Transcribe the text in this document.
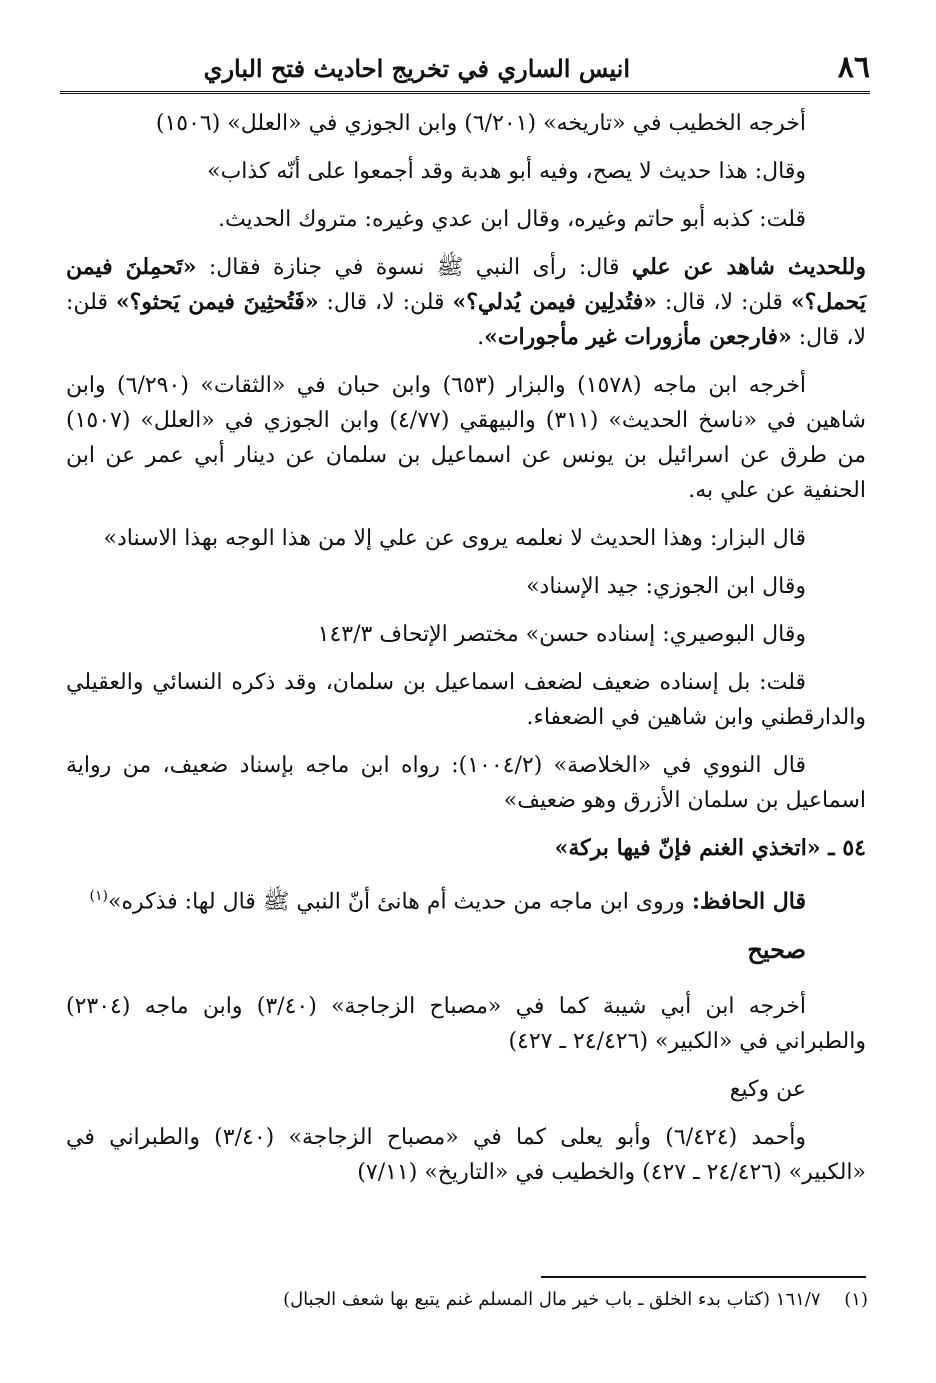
٨٦
انيس الساري في تخريج احاديث فتح الباري

أخرجه الخطيب في «تاريخه» (٦/٢٠١) وابن الجوزي في «العلل» (١٥٠٦)

وقال: هذا حديث لا يصح، وفيه أبو هدبة وقد أجمعوا على أنّه كذاب»

قلت: كذبه أبو حاتم وغيره، وقال ابن عدي وغيره: متروك الحديث.

وللحديث شاهد عن علي قال: رأى النبي ﷺ نسوة في جنازة فقال: «تَحمِلنَ فيمن يَحمل؟» قلن: لا، قال: «فتُدلِين فيمن يُدلي؟» قلن: لا، قال: «فَتُحثِينَ فيمن يَحثو؟» قلن: لا، قال: «فارجعن مأزورات غير مأجورات».

أخرجه ابن ماجه (١٥٧٨) والبزار (٦٥٣) وابن حبان في «الثقات» (٦/٢٩٠) وابن شاهين في «ناسخ الحديث» (٣١١) والبيهقي (٤/٧٧) وابن الجوزي في «العلل» (١٥٠٧) من طرق عن اسرائيل بن يونس عن اسماعيل بن سلمان عن دينار أبي عمر عن ابن الحنفية عن علي به.

قال البزار: وهذا الحديث لا نعلمه يروى عن علي إلا من هذا الوجه بهذا الاسناد»

وقال ابن الجوزي: جيد الإسناد»

وقال البوصيري: إسناده حسن» مختصر الإتحاف ١٤٣/٣

قلت: بل إسناده ضعيف لضعف اسماعيل بن سلمان، وقد ذكره النسائي والعقيلي والدارقطني وابن شاهين في الضعفاء.

قال النووي في «الخلاصة» (١٠٠٤/٢): رواه ابن ماجه بإسناد ضعيف، من رواية اسماعيل بن سلمان الأزرق وهو ضعيف»

٥٤ ـ «اتخذي الغنم فإنّ فيها بركة»

قال الحافظ: وروى ابن ماجه من حديث أم هانئ أنّ النبي ﷺ قال لها: فذكره»$^{(١)}$

صحيح

أخرجه ابن أبي شيبة كما في «مصباح الزجاجة» (٣/٤٠) وابن ماجه (٢٣٠٤) والطبراني في «الكبير» (٢٤/٤٢٦ ـ ٤٢٧)

عن وكيع

وأحمد (٦/٤٢٤) وأبو يعلى كما في «مصباح الزجاجة» (٣/٤٠) والطبراني في «الكبير» (٢٤/٤٢٦ ـ ٤٢٧) والخطيب في «التاريخ» (٧/١١)

(١) ١٦١/٧ (كتاب بدء الخلق ـ باب خير مال المسلم غنم يتبع بها شعف الجبال)
